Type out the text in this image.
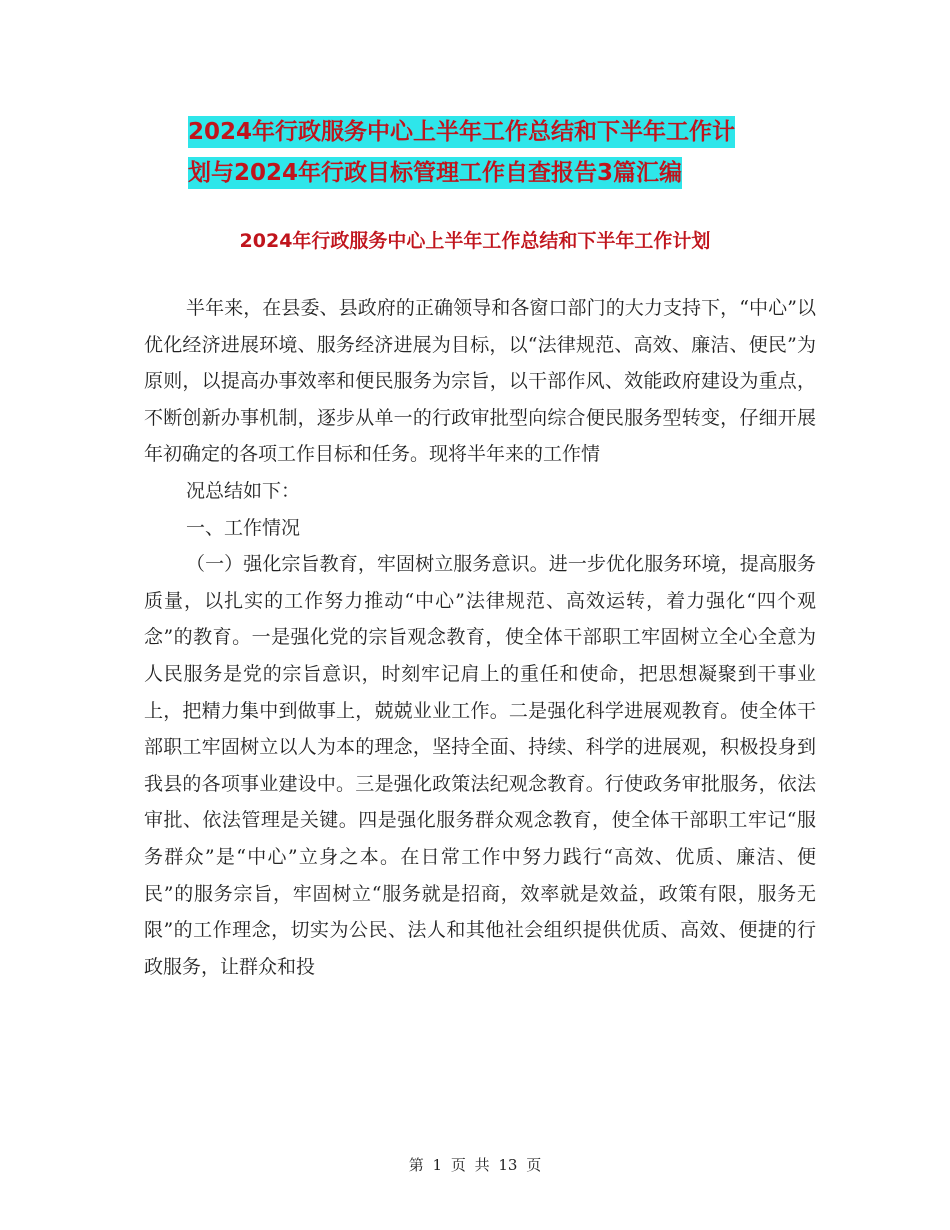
2024年行政服务中心上半年工作总结和下半年工作计
划与2024年行政目标管理工作自查报告3篇汇编
2024年行政服务中心上半年工作总结和下半年工作计划

半年来，在县委、县政府的正确领导和各窗口部门的大力支持下，“中心”以优化经济进展环境、服务经济进展为目标，以“法律规范、高效、廉洁、便民”为原则，以提高办事效率和便民服务为宗旨，以干部作风、效能政府建设为重点，不断创新办事机制，逐步从单一的行政审批型向综合便民服务型转变，仔细开展年初确定的各项工作目标和任务。现将半年来的工作情

况总结如下：

一、工作情况

（一）强化宗旨教育，牢固树立服务意识。进一步优化服务环境，提高服务质量，以扎实的工作努力推动“中心”法律规范、高效运转，着力强化“四个观念”的教育。一是强化党的宗旨观念教育，使全体干部职工牢固树立全心全意为人民服务是党的宗旨意识，时刻牢记肩上的重任和使命，把思想凝聚到干事业上，把精力集中到做事上，兢兢业业工作。二是强化科学进展观教育。使全体干部职工牢固树立以人为本的理念，坚持全面、持续、科学的进展观，积极投身到我县的各项事业建设中。三是强化政策法纪观念教育。行使政务审批服务，依法审批、依法管理是关键。四是强化服务群众观念教育，使全体干部职工牢记“服务群众”是“中心”立身之本。在日常工作中努力践行“高效、优质、廉洁、便民”的服务宗旨，牢固树立“服务就是招商，效率就是效益，政策有限，服务无限”的工作理念，切实为公民、法人和其他社会组织提供优质、高效、便捷的行政服务，让群众和投

第 1 页 共 13 页
